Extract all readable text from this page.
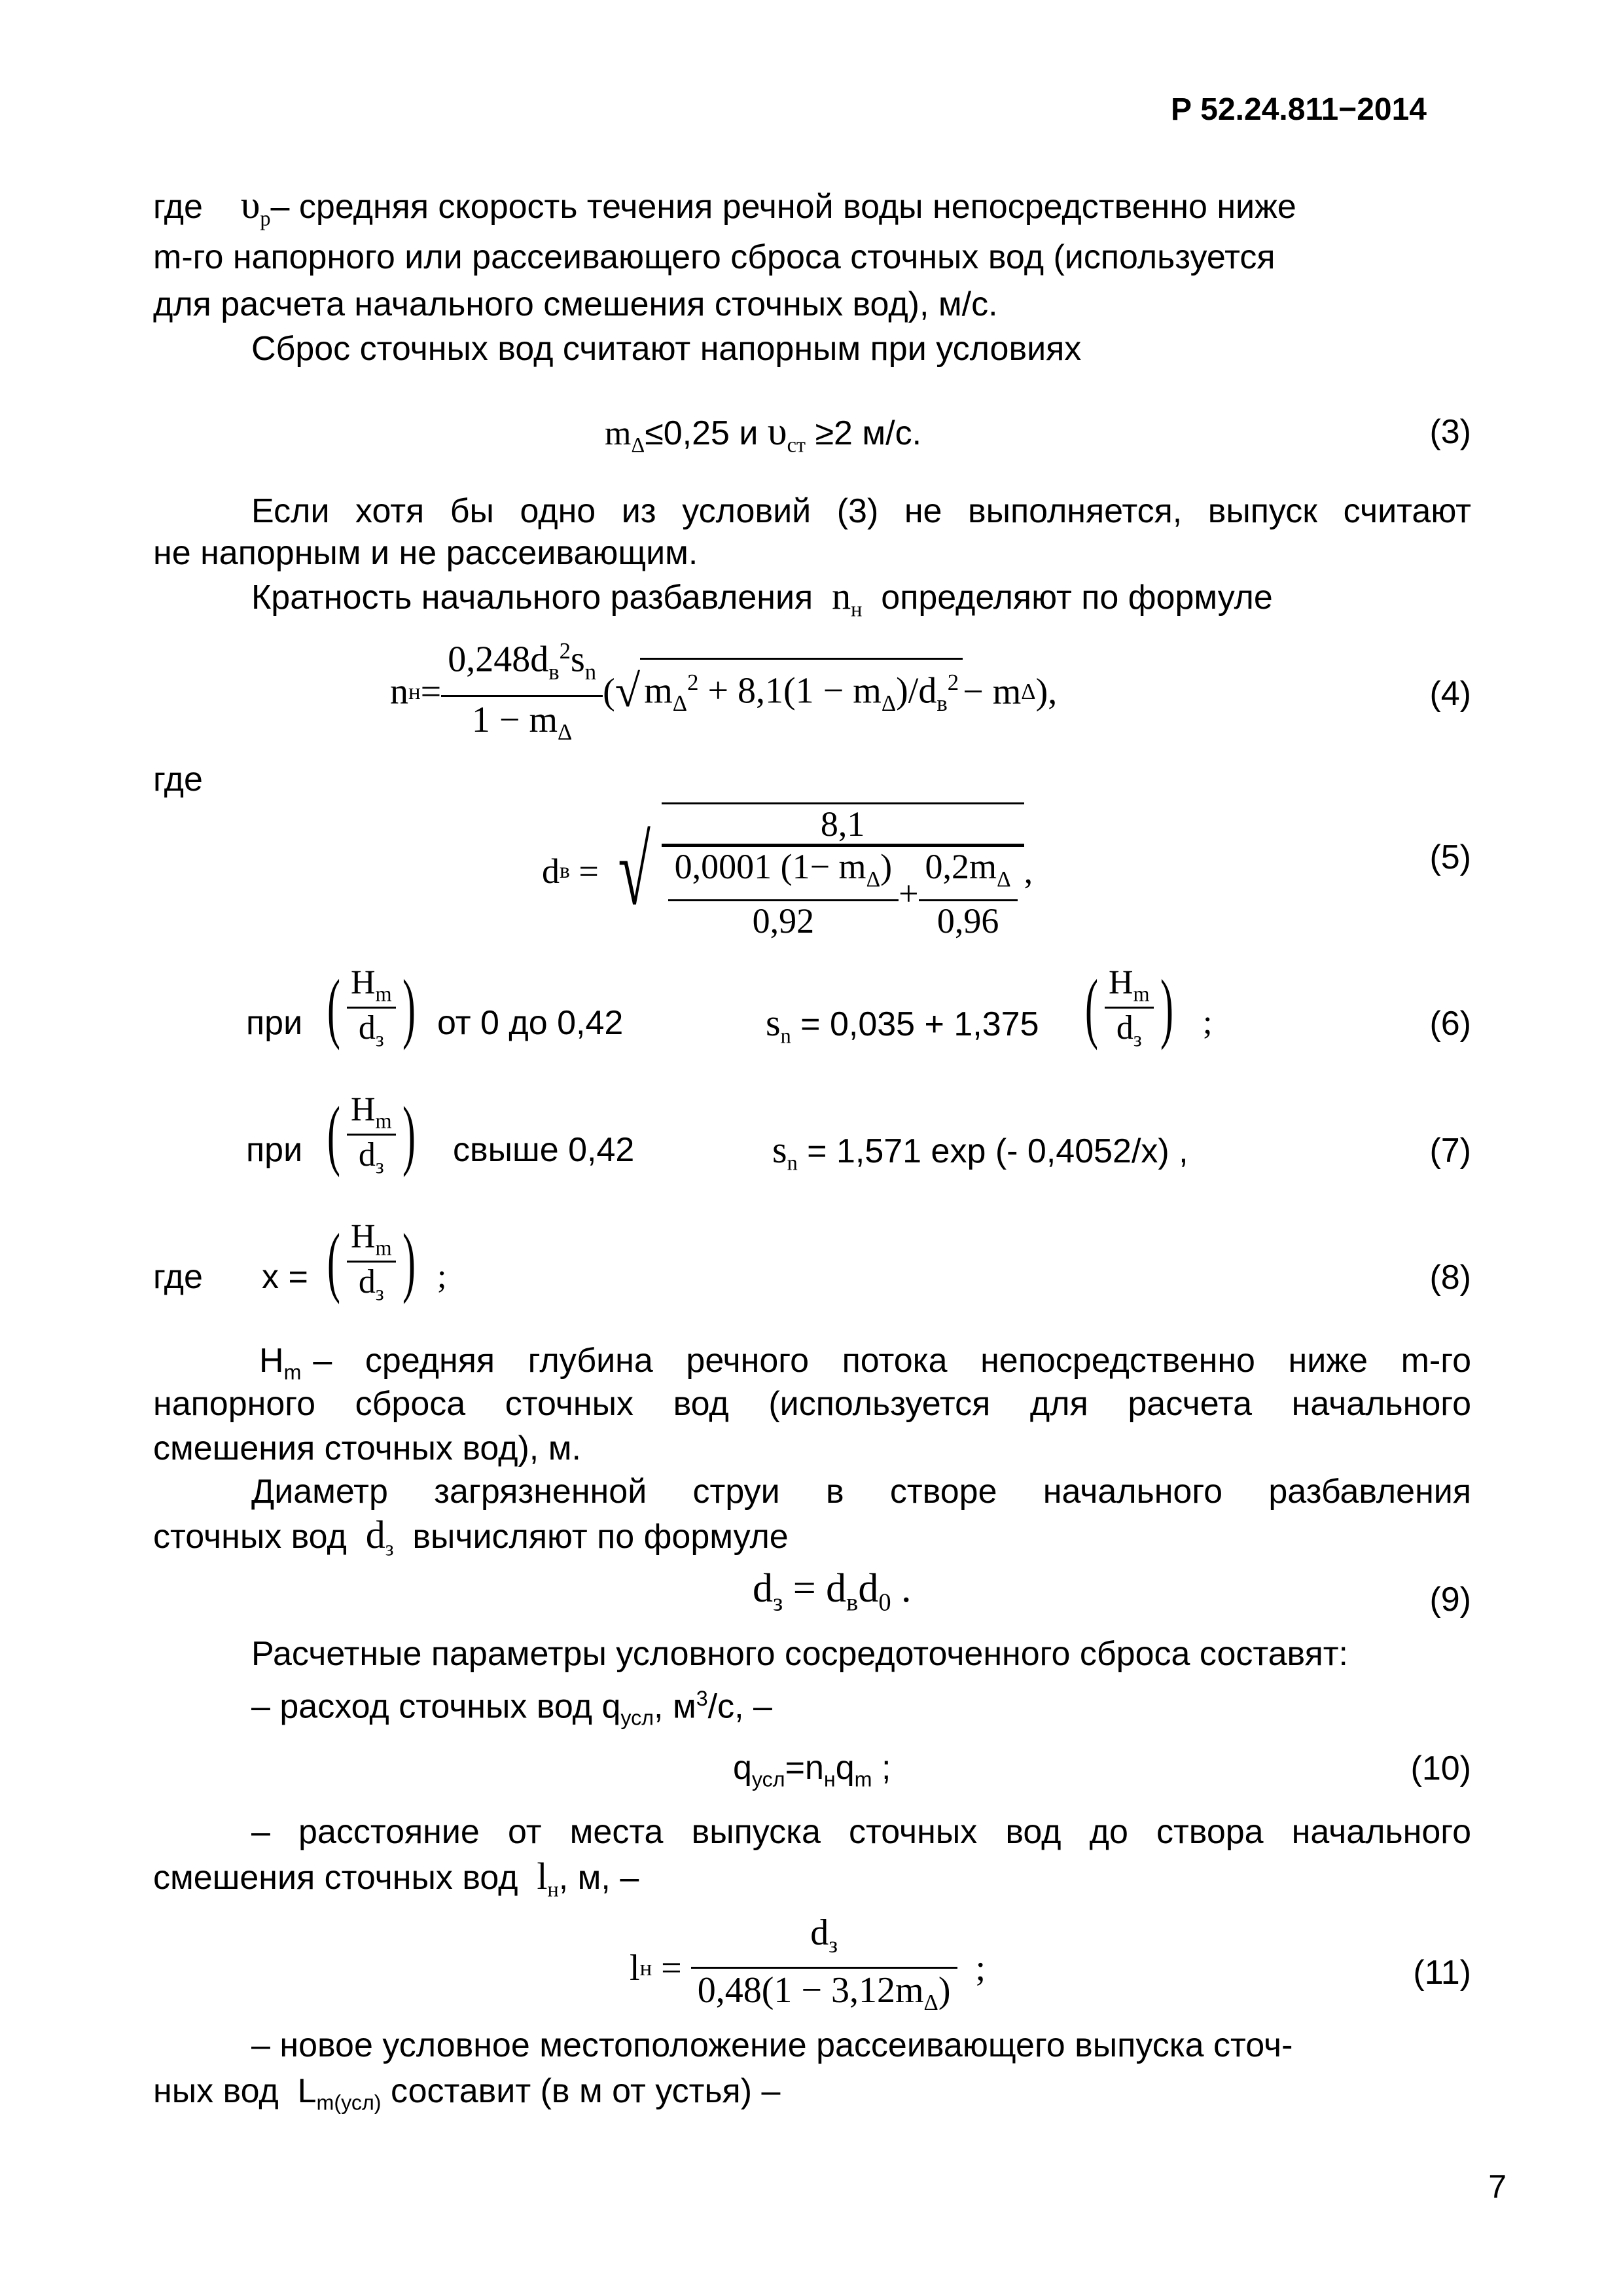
Р 52.24.811−2014
где $\upsilon_р-$ средняя скорость течения речной воды непосредственно ниже
m-го напорного или рассеивающего сброса сточных вод (используется
для расчета начального смешения сточных вод), м/с.
Сброс сточных вод считают напорным при условиях
$m_\Delta\le 0,25$ и $\upsilon_{ст} \ge 2$ м/с.	(3)
Если хотя бы одно из условий (3) не выполняется, выпуск считают
не напорным и не рассеивающим.
Кратность начального разбавления $n_н$ определяют по формуле
n $н = \frac{0,248d_в^2s_n}{1 - m_\Delta}$ ( √ $m_\Delta^2 + 8,1(1 - m_\Delta)/d_в^2 - m$ Δ ),	(4)
где
d в
=
√ $\frac{8,1}{\frac{0,0001 (1- m_\Delta)}{0,92} + \frac{0,2m_\Delta}{0,96}}$ ,	(5)
при ( $H_m$
$d_з$ ) от 0 до 0,42	$s_n = 0,035 + 1,375$ ( $H_m$
$d_з$ ) ;	(6)
при ( $H_m$
$d_з$ ) свыше 0,42	$s_n = 1,571$ exp (- 0,4052/x) ,	(7)
где x = ( $H_m$
$d_з$ ) ;	(8)
$H_m$ – средняя глубина речного потока непосредственно ниже m-го
напорного сброса сточных вод (используется для расчета начального
смешения сточных вод), м.
Диаметр загрязненной струи в створе начального разбавления
сточных вод $d_з$ вычисляют по формуле
$d_з = d_вd_0$ .	(9)
Расчетные параметры условного сосредоточенного сброса составят:
– расход сточных вод $q_{усл}$, $м^3/с$, –
$q_{усл}=n_нq_m$ ;	(10)
– расстояние от места выпуска сточных вод до створа начального
смешения сточных вод $l_н$, м, –
l н
=
$\frac{d_з}{0,48(1 - 3,12m_\Delta)}$
;	(11)
– новое условное местоположение рассеивающего выпуска сточ-
ных вод $L_{m(усл)}$ составит (в м от устья) –
7
